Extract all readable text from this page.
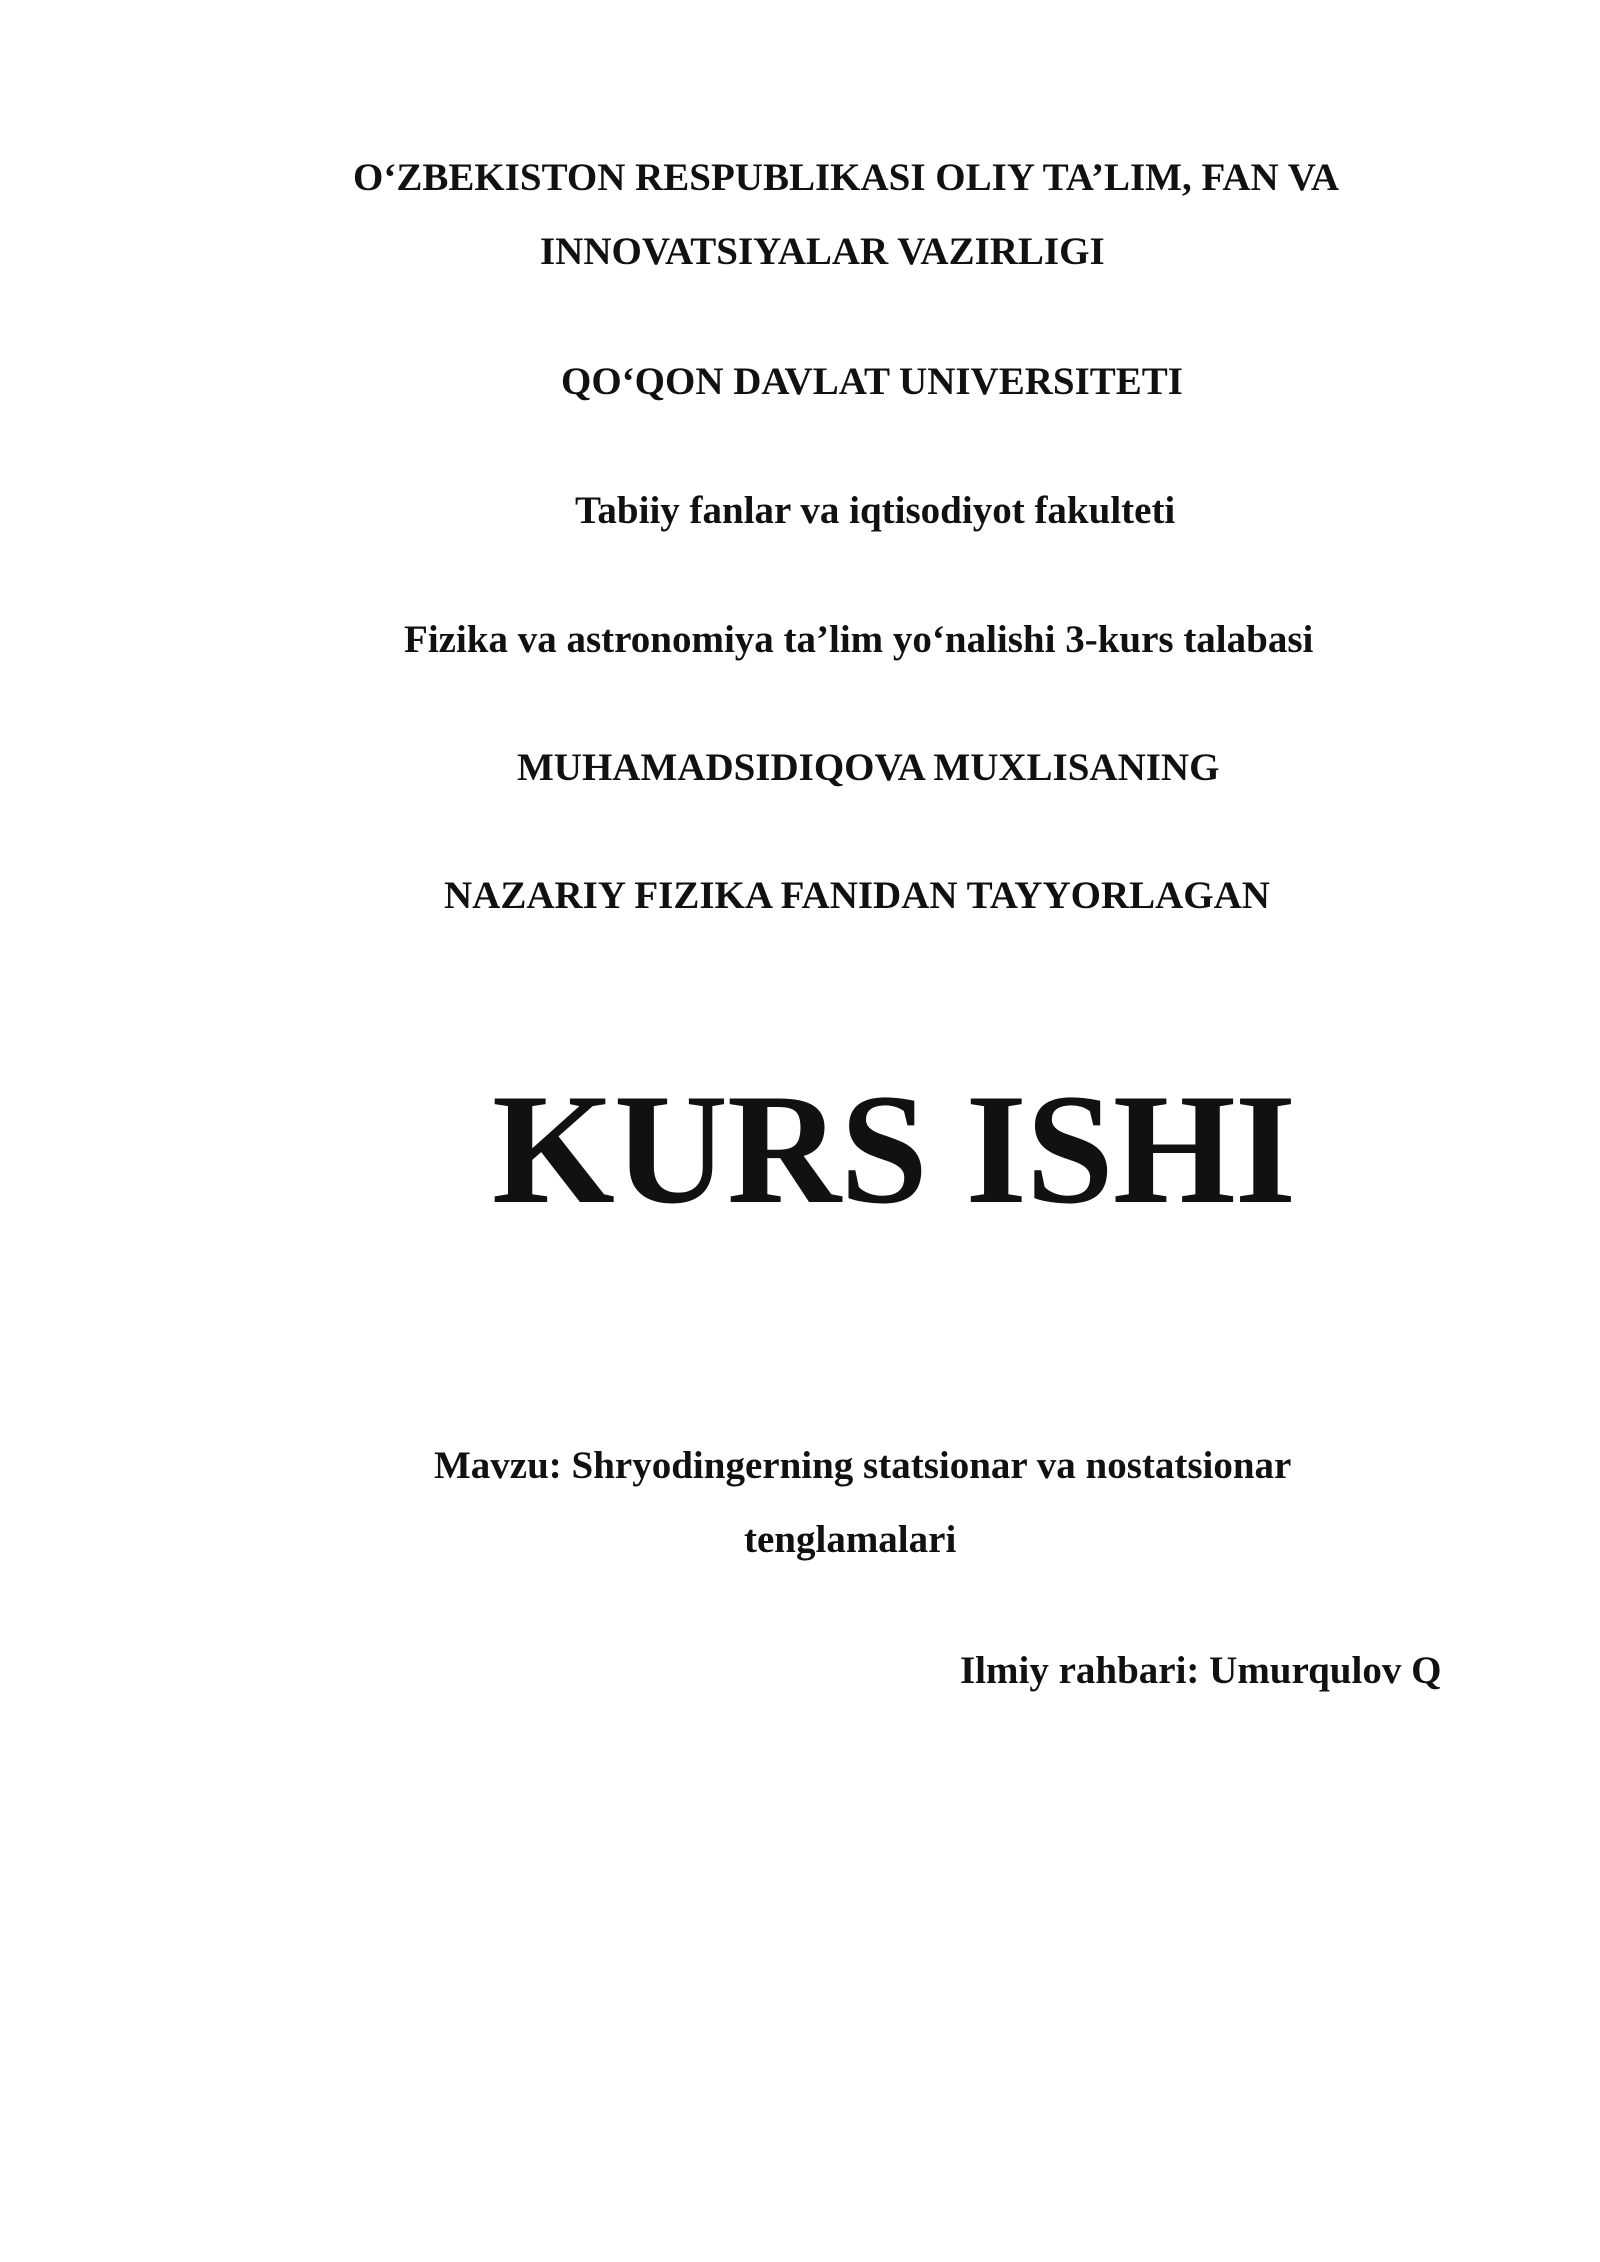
O‘ZBEKISTON RESPUBLIKASI OLIY TA’LIM, FAN VA
INNOVATSIYALAR VAZIRLIGI
QO‘QON DAVLAT UNIVERSITETI
Tabiiy fanlar va iqtisodiyot fakulteti
Fizika va astronomiya ta’lim yo‘nalishi 3-kurs talabasi
MUHAMADSIDIQOVA MUXLISANING
NAZARIY FIZIKA FANIDAN TAYYORLAGAN
KURS ISHI
Mavzu: Shryodingerning statsionar va nostatsionar
tenglamalari
Ilmiy rahbari: Umurqulov Q
